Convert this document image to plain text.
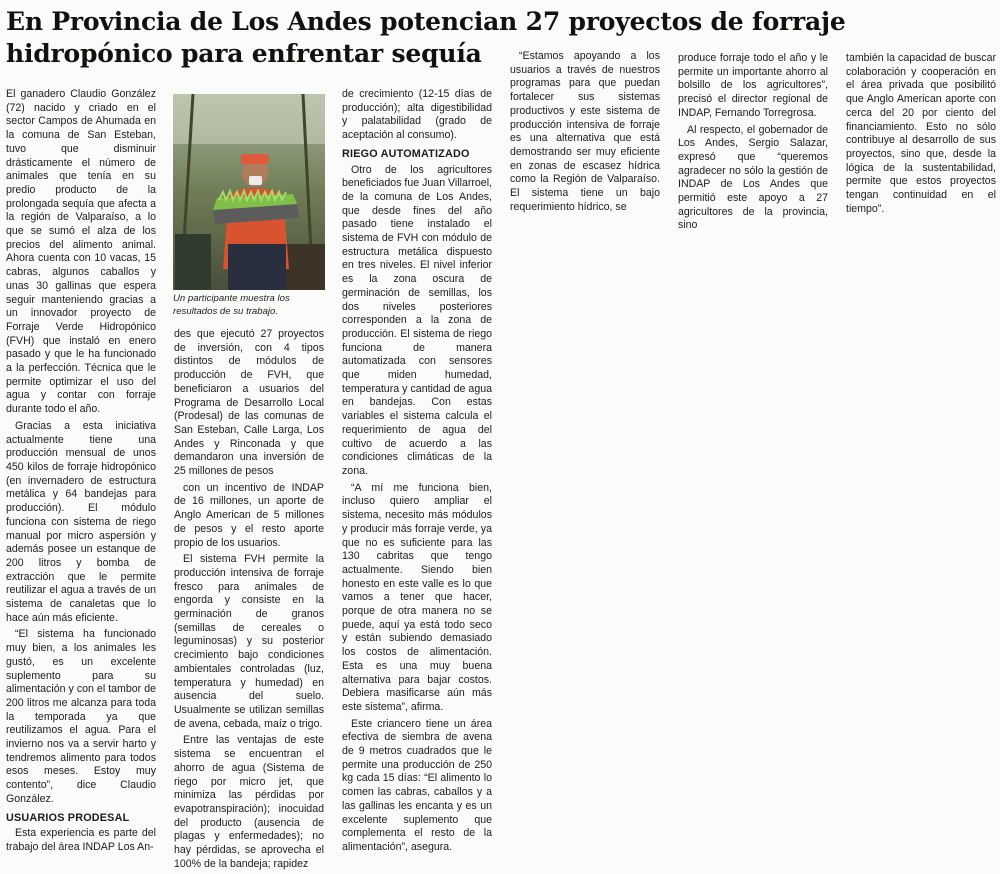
En Provincia de Los Andes potencian 27 proyectos de forraje hidropónico para enfrentar sequía

El ganadero Claudio González (72) nacido y criado en el sector Campos de Ahumada en la comuna de San Esteban, tuvo que disminuir drásticamente el número de animales que tenía en su predio producto de la prolongada sequía que afecta a la región de Valparaíso, a lo que se sumó el alza de los precios del alimento animal. Ahora cuenta con 10 vacas, 15 cabras, algunos caballos y unas 30 gallinas que espera seguir manteniendo gracias a un innovador proyecto de Forraje Verde Hidropónico (FVH) que instaló en enero pasado y que le ha funcionado a la perfección. Técnica que le permite optimizar el uso del agua y contar con forraje durante todo el año.

Gracias a esta iniciativa actualmente tiene una producción mensual de unos 450 kilos de forraje hidropónico (en invernadero de estructura metálica y 64 bandejas para producción). El módulo funciona con sistema de riego manual por micro aspersión y además posee un estanque de 200 litros y bomba de extracción que le permite reutilizar el agua a través de un sistema de canaletas que lo hace aún más eficiente.

“El sistema ha funcionado muy bien, a los animales les gustó, es un excelente suplemento para su alimentación y con el tambor de 200 litros me alcanza para toda la temporada ya que reutilizamos el agua. Para el invierno nos va a servir harto y tendremos alimento para todos esos meses. Estoy muy contento”, dice Claudio González.

USUARIOS PRODESAL

Esta experiencia es parte del trabajo del área INDAP Los An-

Un participante muestra los resultados de su trabajo.

des que ejecutó 27 proyectos de inversión, con 4 tipos distintos de módulos de producción de FVH, que beneficiaron a usuarios del Programa de Desarrollo Local (Prodesal) de las comunas de San Esteban, Calle Larga, Los Andes y Rinconada y que demandaron una inversión de 25 millones de pesos

con un incentivo de INDAP de 16 millones, un aporte de Anglo American de 5 millones de pesos y el resto aporte propio de los usuarios.

El sistema FVH permite la producción intensiva de forraje fresco para animales de engorda y consiste en la germinación de granos (semillas de cereales o leguminosas) y su posterior crecimiento bajo condiciones ambientales controladas (luz, temperatura y humedad) en ausencia del suelo. Usualmente se utilizan semillas de avena, cebada, maíz o trigo.

Entre las ventajas de este sistema se encuentran el ahorro de agua (Sistema de riego por micro jet, que minimiza las pérdidas por evapotranspiración); inocuidad del producto (ausencia de plagas y enfermedades); no hay pérdidas, se aprovecha el 100% de la bandeja; rapidez

de crecimiento (12-15 días de producción); alta digestibilidad y palatabilidad (grado de aceptación al consumo).

RIEGO AUTOMATIZADO

Otro de los agricultores beneficiados fue Juan Villarroel, de la comuna de Los Andes, que desde fines del año pasado tiene instalado el sistema de FVH con módulo de estructura metálica dispuesto en tres niveles. El nivel inferior es la zona oscura de germinación de semillas, los dos niveles posteriores corresponden a la zona de producción. El sistema de riego funciona de manera automatizada con sensores que miden humedad, temperatura y cantidad de agua en bandejas. Con estas variables el sistema calcula el requerimiento de agua del cultivo de acuerdo a las condiciones climáticas de la zona.

“A mí me funciona bien, incluso quiero ampliar el sistema, necesito más módulos y producir más forraje verde, ya que no es suficiente para las 130 cabritas que tengo actualmente. Siendo bien honesto en este valle es lo que vamos a tener que hacer, porque de otra manera no se puede, aquí ya está todo seco y están subiendo demasiado los costos de alimentación. Esta es una muy buena alternativa para bajar costos. Debiera masificarse aún más este sistema”, afirma.

Este criancero tiene un área efectiva de siembra de avena de 9 metros cuadrados que le permite una producción de 250 kg cada 15 días: “El alimento lo comen las cabras, caballos y a las gallinas les encanta y es un excelente suplemento que complementa el resto de la alimentación”, asegura.

“Estamos apoyando a los usuarios a través de nuestros programas para que puedan fortalecer sus sistemas productivos y este sistema de producción intensiva de forraje es una alternativa que está demostrando ser muy eficiente en zonas de escasez hídrica como la Región de Valparaíso. El sistema tiene un bajo requerimiento hídrico, se

produce forraje todo el año y le permite un importante ahorro al bolsillo de los agricultores”, precisó el director regional de INDAP, Fernando Torregrosa.

Al respecto, el gobernador de Los Andes, Sergio Salazar, expresó que “queremos agradecer no sólo la gestión de INDAP de Los Andes que permitió este apoyo a 27 agricultores de la provincia, sino

también la capacidad de buscar colaboración y cooperación en el área privada que posibilitó que Anglo American aporte con cerca del 20 por ciento del financiamiento. Esto no sólo contribuye al desarrollo de sus proyectos, sino que, desde la lógica de la sustentabilidad, permite que estos proyectos tengan continuidad en el tiempo”.
